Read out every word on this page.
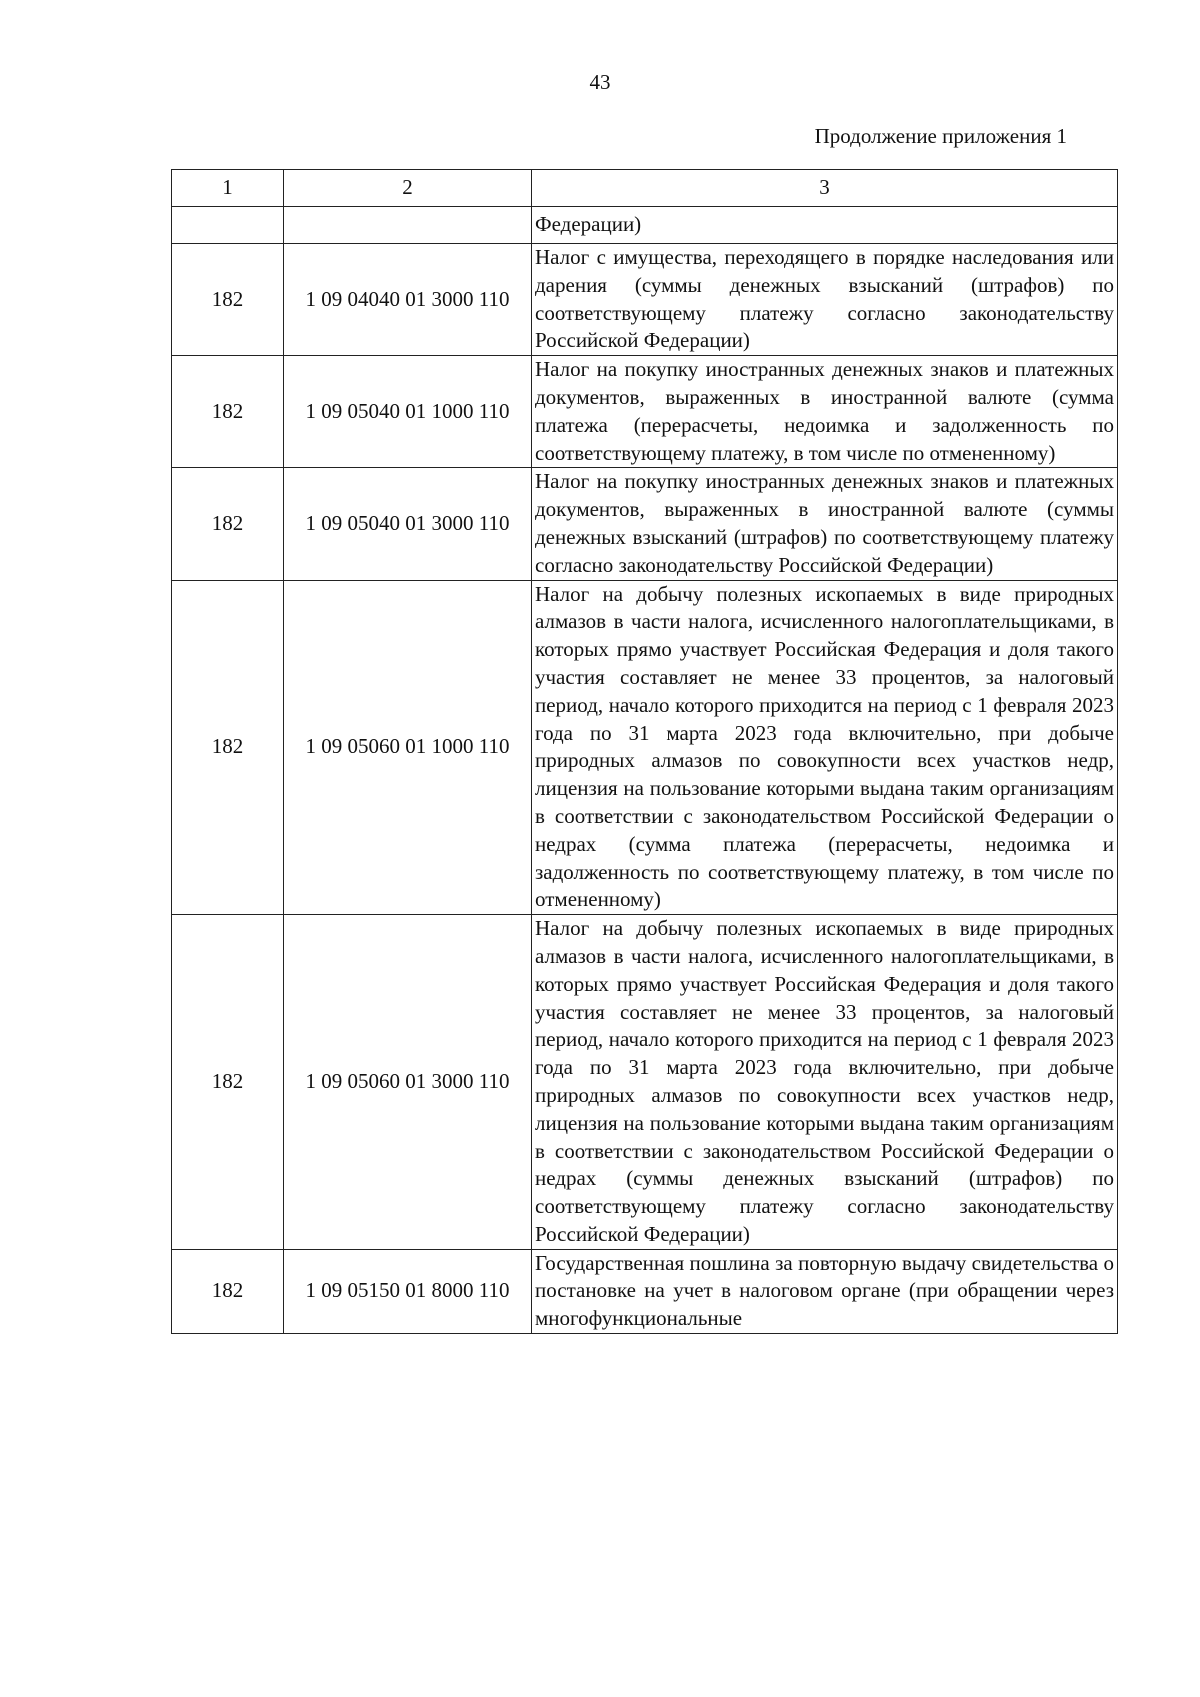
43
Продолжение приложения 1
1	2	3
		Федерации)
182	1 09 04040 01 3000 110	Налог с имущества, переходящего в порядке наследования или дарения (суммы денежных взысканий (штрафов) по соответствующему платежу согласно законодательству Российской Федерации)
182	1 09 05040 01 1000 110	Налог на покупку иностранных денежных знаков и платежных документов, выраженных в иностранной валюте (сумма платежа (перерасчеты, недоимка и задолженность по соответствующему платежу, в том числе по отмененному)
182	1 09 05040 01 3000 110	Налог на покупку иностранных денежных знаков и платежных документов, выраженных в иностранной валюте (суммы денежных взысканий (штрафов) по соответствующему платежу согласно законодательству Российской Федерации)
182	1 09 05060 01 1000 110	Налог на добычу полезных ископаемых в виде природных алмазов в части налога, исчисленного налогоплательщиками, в которых прямо участвует Российская Федерация и доля такого участия составляет не менее 33 процентов, за налоговый период, начало которого приходится на период с 1 февраля 2023 года по 31 марта 2023 года включительно, при добыче природных алмазов по совокупности всех участков недр, лицензия на пользование которыми выдана таким организациям в соответствии с законодательством Российской Федерации о недрах (сумма платежа (перерасчеты, недоимка и задолженность по соответствующему платежу, в том числе по отмененному)
182	1 09 05060 01 3000 110	Налог на добычу полезных ископаемых в виде природных алмазов в части налога, исчисленного налогоплательщиками, в которых прямо участвует Российская Федерация и доля такого участия составляет не менее 33 процентов, за налоговый период, начало которого приходится на период с 1 февраля 2023 года по 31 марта 2023 года включительно, при добыче природных алмазов по совокупности всех участков недр, лицензия на пользование которыми выдана таким организациям в соответствии с законодательством Российской Федерации о недрах (суммы денежных взысканий (штрафов) по соответствующему платежу согласно законодательству Российской Федерации)
182	1 09 05150 01 8000 110	Государственная пошлина за повторную выдачу свидетельства о постановке на учет в налоговом органе (при обращении через многофункциональные
